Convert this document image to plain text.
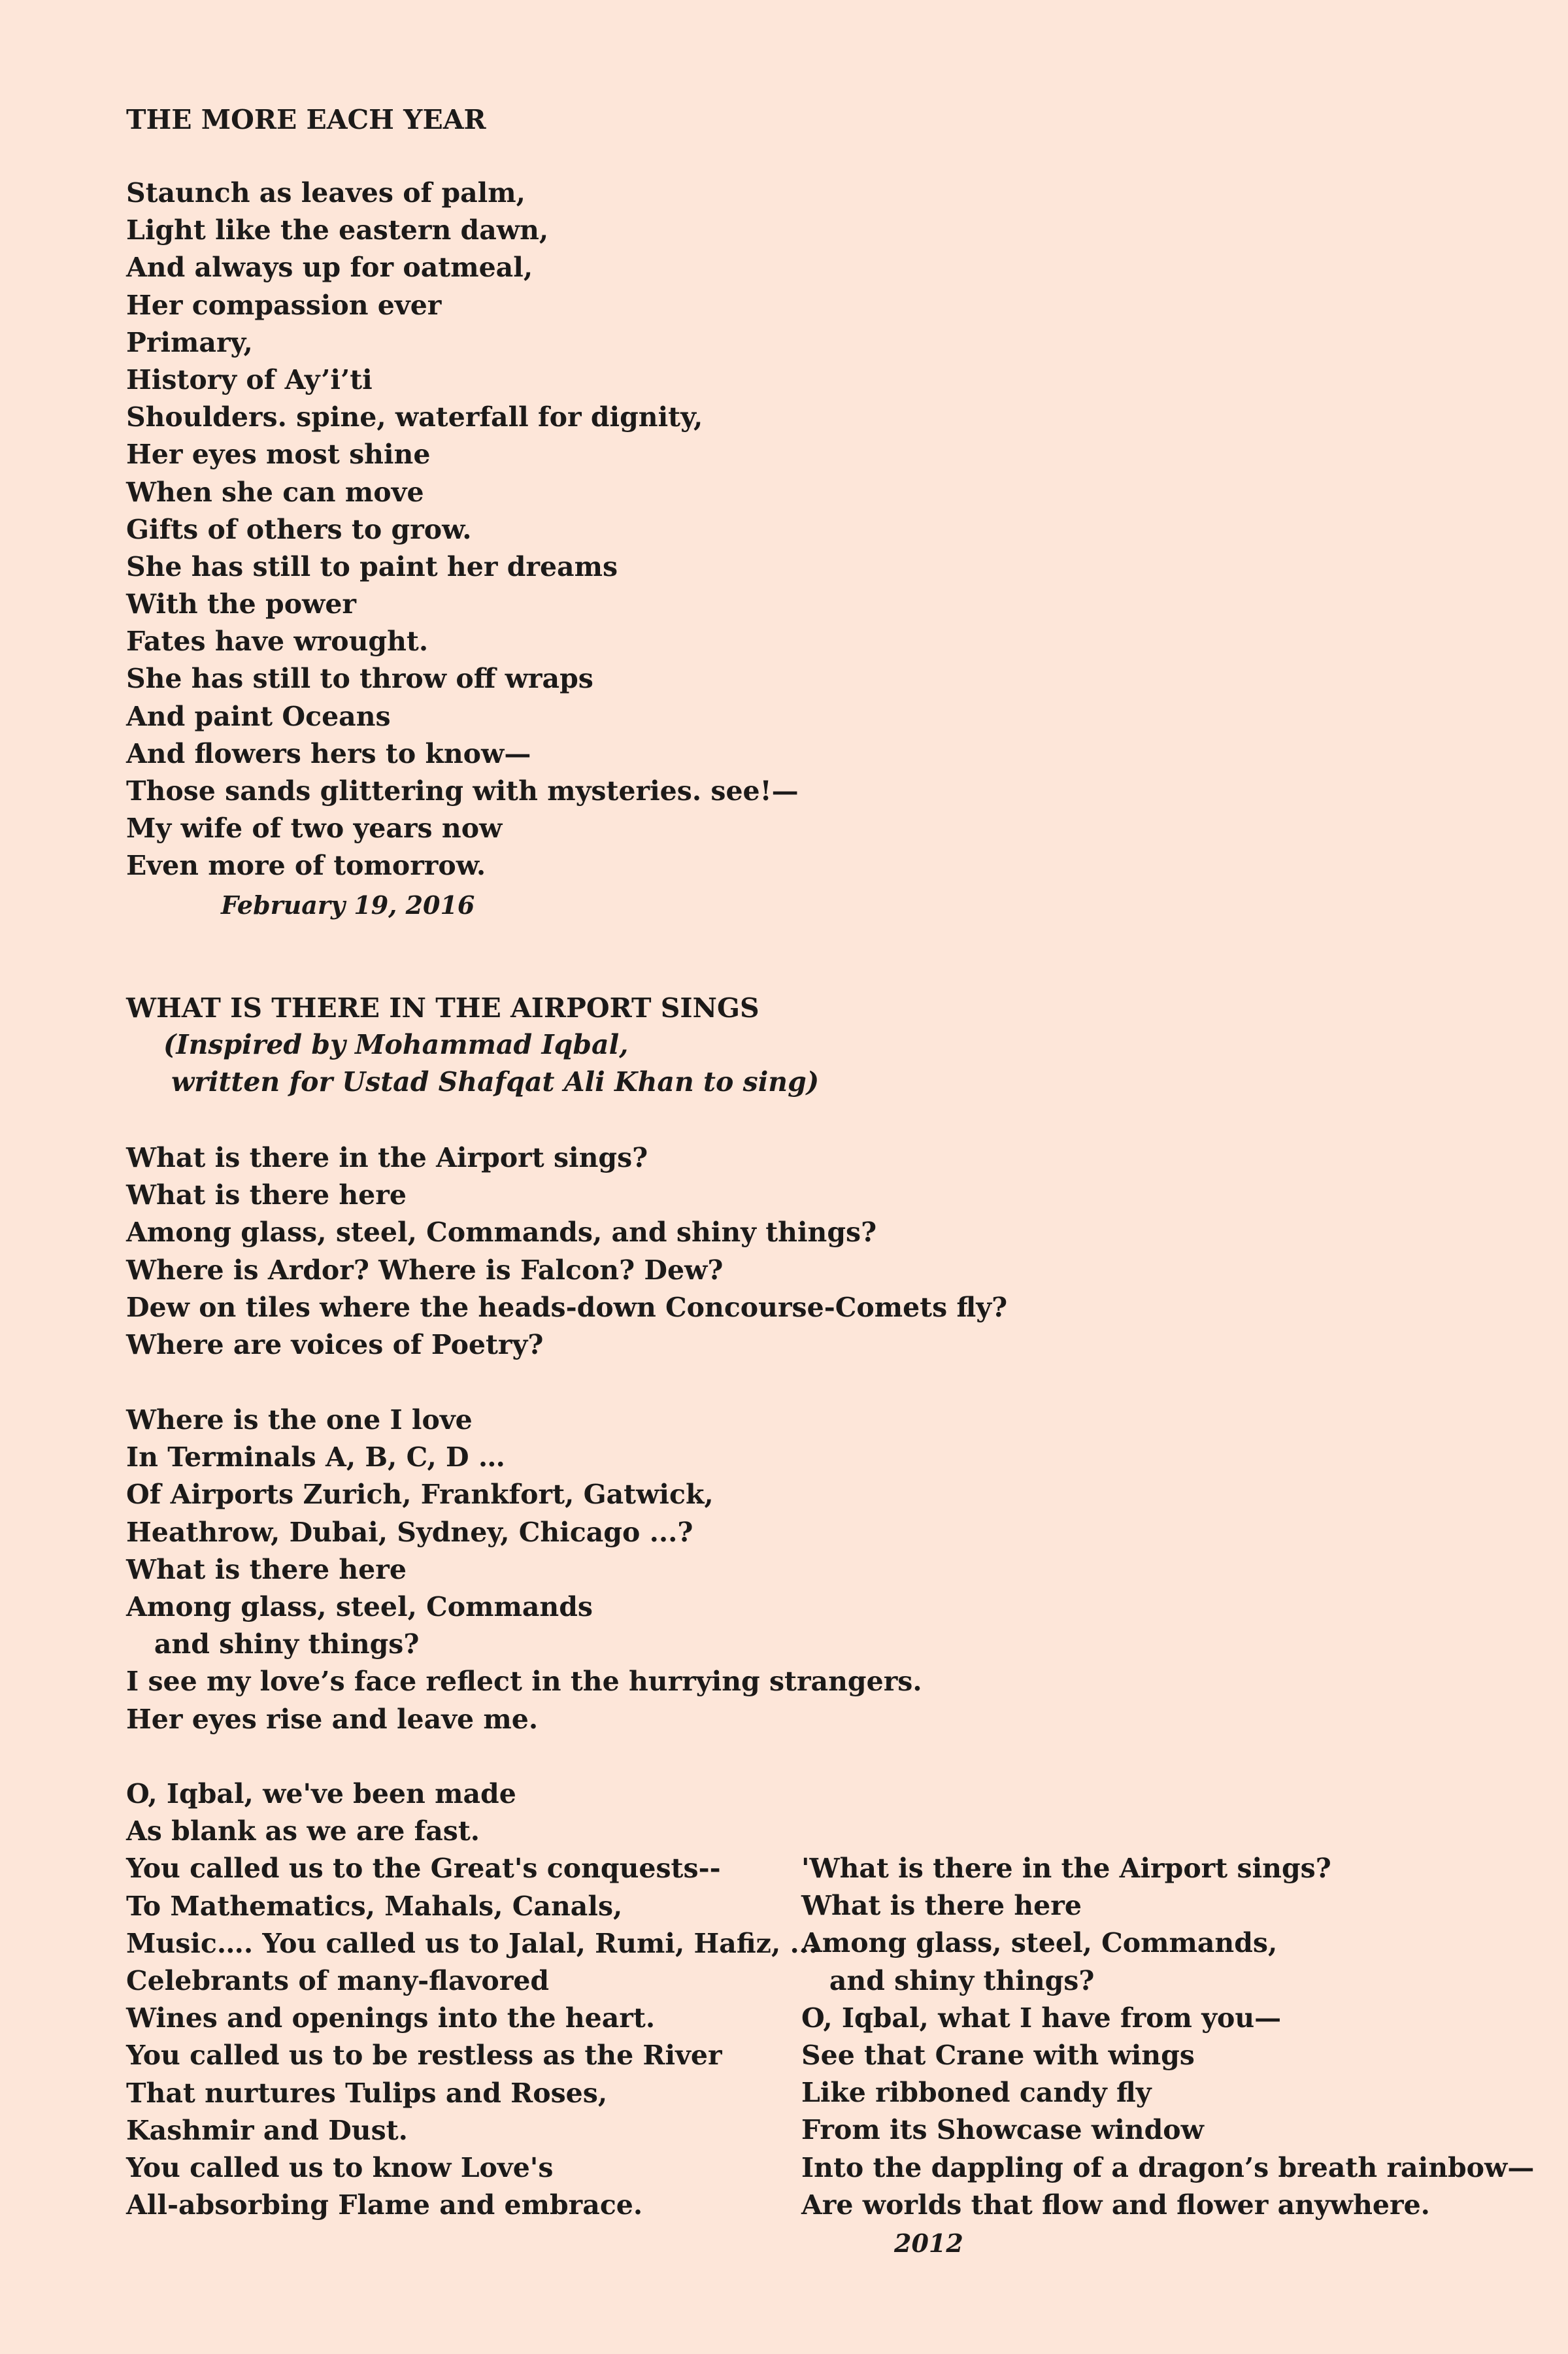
THE MORE EACH YEAR
Staunch as leaves of palm,
Light like the eastern dawn,
And always up for oatmeal,
Her compassion ever
Primary,
History of Ay’i’ti
Shoulders. spine, waterfall for dignity,
Her eyes most shine
When she can move
Gifts of others to grow.
She has still to paint her dreams
With the power
Fates have wrought.
She has still to throw off wraps
And paint Oceans
And flowers hers to know—
Those sands glittering with mysteries. see!—
My wife of two years now
Even more of tomorrow.
February 19, 2016
WHAT IS THERE IN THE AIRPORT SINGS
(Inspired by Mohammad Iqbal,
written for Ustad Shafqat Ali Khan to sing)
What is there in the Airport sings?
What is there here
Among glass, steel, Commands, and shiny things?
Where is Ardor? Where is Falcon? Dew?
Dew on tiles where the heads-down Concourse-Comets fly?
Where are voices of Poetry?
Where is the one I love
In Terminals A, B, C, D …
Of Airports Zurich, Frankfort, Gatwick,
Heathrow, Dubai, Sydney, Chicago ...?
What is there here
Among glass, steel, Commands
and shiny things?
I see my love’s face reflect in the hurrying strangers.
Her eyes rise and leave me.
O, Iqbal, we've been made
As blank as we are fast.
You called us to the Great's conquests--
To Mathematics, Mahals, Canals,
Music…. You called us to Jalal, Rumi, Hafiz, ...
Celebrants of many-flavored
Wines and openings into the heart.
You called us to be restless as the River
That nurtures Tulips and Roses,
Kashmir and Dust.
You called us to know Love's
All-absorbing Flame and embrace.
'What is there in the Airport sings?
What is there here
Among glass, steel, Commands,
and shiny things?
O, Iqbal, what I have from you—
See that Crane with wings
Like ribboned candy fly
From its Showcase window
Into the dappling of a dragon’s breath rainbow—
Are worlds that flow and flower anywhere.
2012
